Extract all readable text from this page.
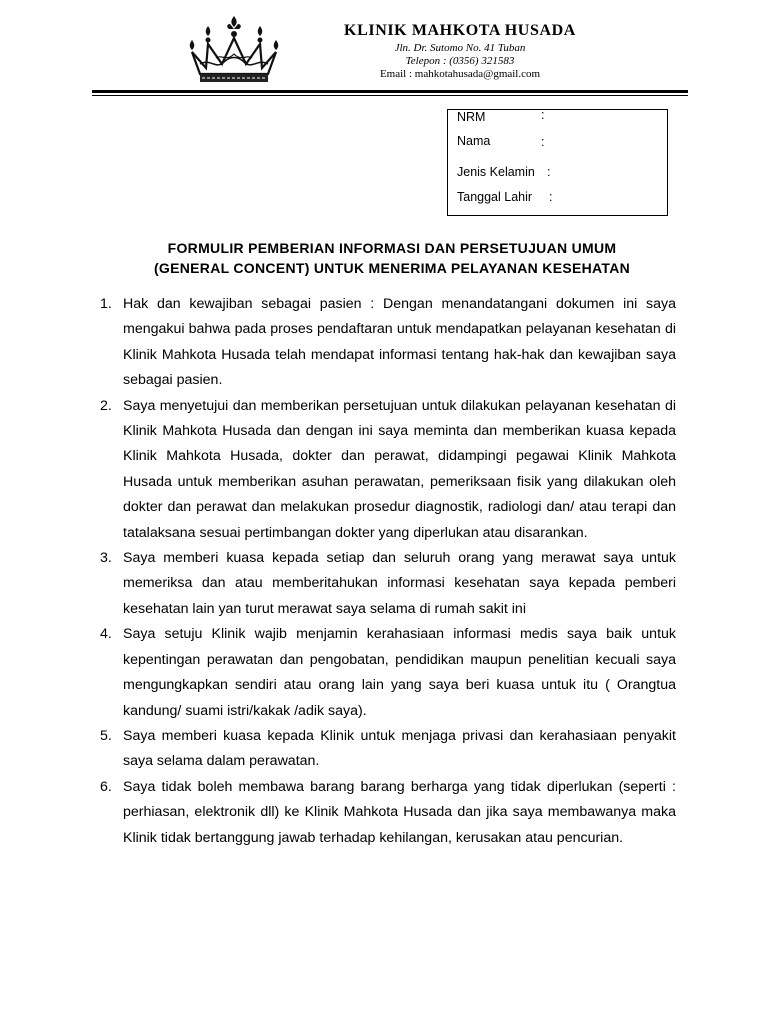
KLINIK MAHKOTA HUSADA
Jln. Dr. Sutomo No. 41 Tuban
Telepon : (0356) 321583
Email : mahkotahusada@gmail.com
NRM	:
Nama	:
Jenis Kelamin :
Tanggal Lahir :
FORMULIR PEMBERIAN INFORMASI DAN PERSETUJUAN UMUM
(GENERAL CONCENT) UNTUK MENERIMA PELAYANAN KESEHATAN
1. Hak dan kewajiban sebagai pasien : Dengan menandatangani dokumen ini saya mengakui bahwa pada proses pendaftaran untuk mendapatkan pelayanan kesehatan di Klinik Mahkota Husada telah mendapat informasi tentang hak-hak dan kewajiban saya sebagai pasien.
2. Saya menyetujui dan memberikan persetujuan untuk dilakukan pelayanan kesehatan di Klinik Mahkota Husada dan dengan ini saya meminta dan memberikan kuasa kepada Klinik Mahkota Husada, dokter dan perawat, didampingi pegawai Klinik Mahkota Husada untuk memberikan asuhan perawatan, pemeriksaan fisik yang dilakukan oleh dokter dan perawat dan melakukan prosedur diagnostik, radiologi dan/ atau terapi dan tatalaksana sesuai pertimbangan dokter yang diperlukan atau disarankan.
3. Saya memberi kuasa kepada setiap dan seluruh orang yang merawat saya untuk memeriksa dan atau memberitahukan informasi kesehatan saya kepada pemberi kesehatan lain yan turut merawat saya selama di rumah sakit ini
4. Saya setuju Klinik wajib menjamin kerahasiaan informasi medis saya baik untuk kepentingan perawatan dan pengobatan, pendidikan maupun penelitian kecuali saya mengungkapkan sendiri atau orang lain yang saya beri kuasa untuk itu ( Orangtua kandung/ suami istri/kakak /adik saya).
5. Saya memberi kuasa kepada Klinik untuk menjaga privasi dan kerahasiaan penyakit saya selama dalam perawatan.
6. Saya tidak boleh membawa barang barang berharga yang tidak diperlukan (seperti : perhiasan, elektronik dll) ke Klinik Mahkota Husada dan jika saya membawanya maka Klinik tidak bertanggung jawab terhadap kehilangan, kerusakan atau pencurian.
